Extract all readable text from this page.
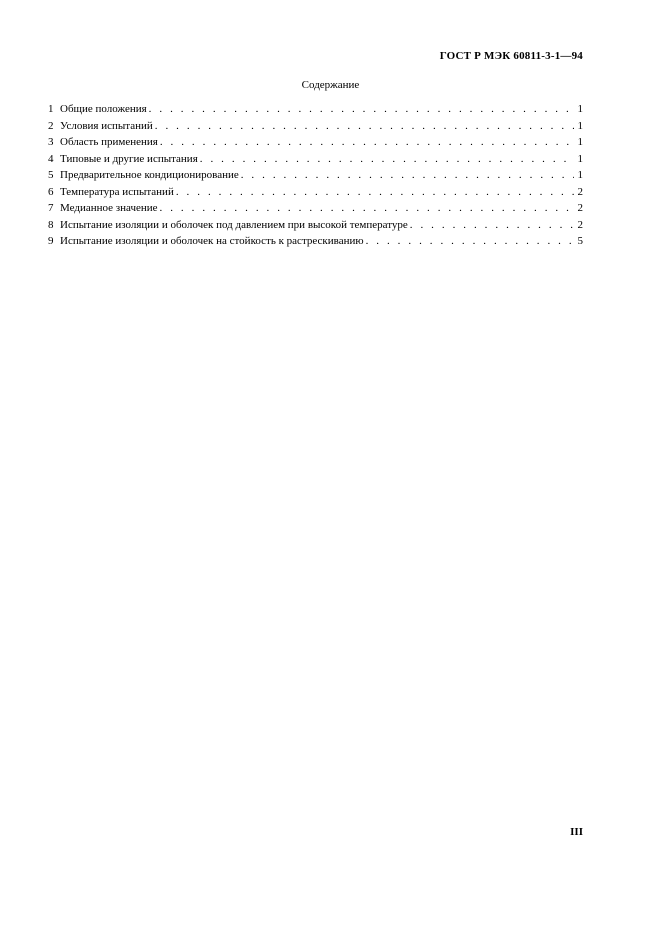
ГОСТ Р МЭК 60811-3-1—94
Содержание
1 Общие положения . . .	1
2 Условия испытаний . . .	1
3 Область применения . . .	1
4 Типовые и другие испытания . . .	1
5 Предварительное кондиционирование . . .	1
6 Температура испытаний . . .	2
7 Медианное значение . . .	2
8 Испытание изоляции и оболочек под давлением при высокой температуре . . .	2
9 Испытание изоляции и оболочек на стойкость к растрескиванию . . .	5
III
